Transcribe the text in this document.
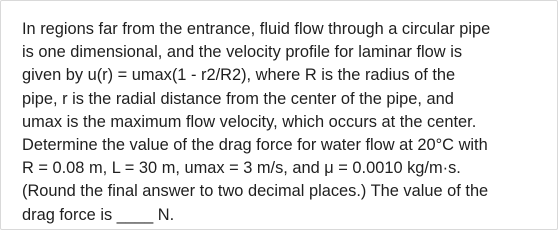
In regions far from the entrance, fluid flow through a circular pipe
is one dimensional, and the velocity profile for laminar flow is
given by u(r) = umax(1 - r2/R2), where R is the radius of the
pipe, r is the radial distance from the center of the pipe, and
umax is the maximum flow velocity, which occurs at the center.
Determine the value of the drag force for water flow at 20°C with
R = 0.08 m, L = 30 m, umax = 3 m/s, and μ = 0.0010 kg/m·s.
(Round the final answer to two decimal places.) The value of the
drag force is ____ N.
